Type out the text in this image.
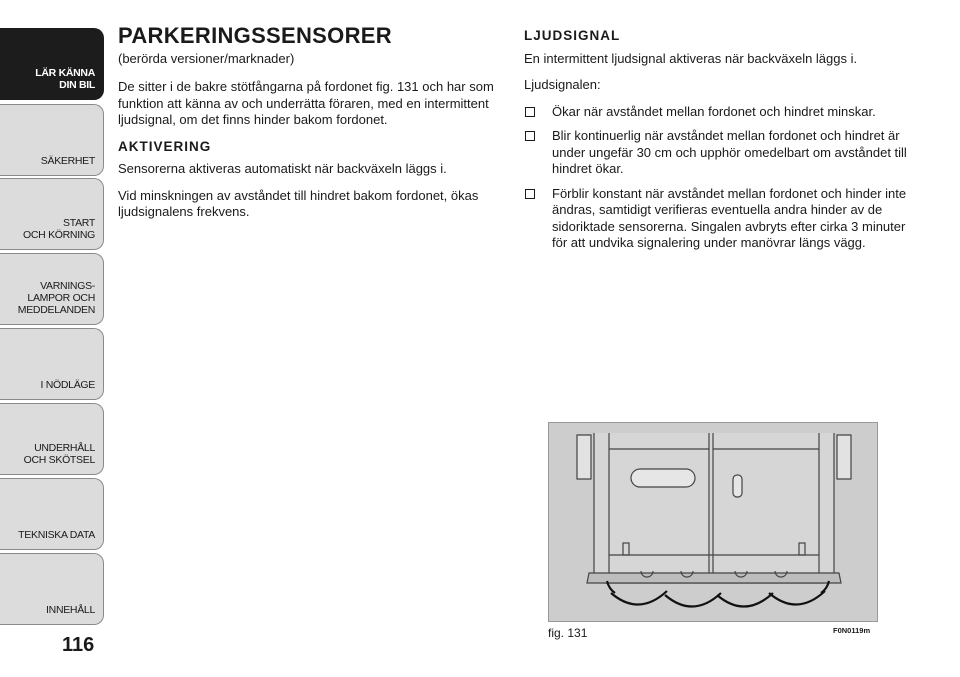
LÄR KÄNNA
DIN BIL
SÄKERHET
START
OCH KÖRNING
VARNINGS-
LAMPOR OCH
MEDDELANDEN
I NÖDLÄGE
UNDERHÅLL
OCH SKÖTSEL
TEKNISKA DATA
INNEHÅLL
116
PARKERINGSSENSORER

(berörda versioner/marknader)

De sitter i de bakre stötfångarna på fordonet fig. 131 och har som funktion att känna av och underrätta föraren, med en intermittent ljudsignal, om det finns hinder bakom fordonet.

AKTIVERING

Sensorerna aktiveras automatiskt när backväxeln läggs i.

Vid minskningen av avståndet till hindret bakom fordonet, ökas ljudsignalens frekvens.

LJUDSIGNAL

En intermittent ljudsignal aktiveras när backväxeln läggs i.

Ljudsignalen:

Ökar när avståndet mellan fordonet och hindret minskar.
Blir kontinuerlig när avståndet mellan fordonet och hindret är under ungefär 30 cm och upphör omedelbart om avståndet till hindret ökar.
Förblir konstant när avståndet mellan fordonet och hinder inte ändras, samtidigt verifieras eventuella andra hinder av de sidoriktade sensorerna. Singalen avbryts efter cirka 3 minuter för att undvika signalering under manövrar längs vägg.
fig. 131	F0N0119m
